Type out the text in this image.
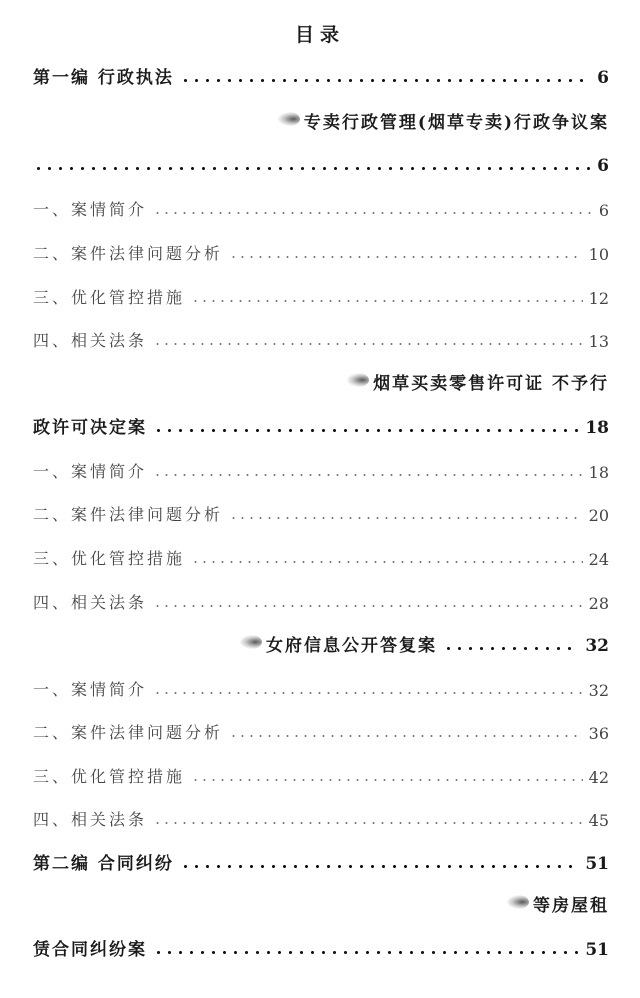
目录
第一编 行政执法	6
专卖行政管理(烟草专卖)行政争议案
6
一、案情简介	6
二、案件法律问题分析	10
三、优化管控措施	12
四、相关法条	13
烟草买卖零售许可证 不予行
政许可决定案	18
一、案情简介	18
二、案件法律问题分析	20
三、优化管控措施	24
四、相关法条	28
女府信息公开答复案	32
一、案情简介	32
二、案件法律问题分析	36
三、优化管控措施	42
四、相关法条	45
第二编 合同纠纷	51
等房屋租
赁合同纠纷案	51
